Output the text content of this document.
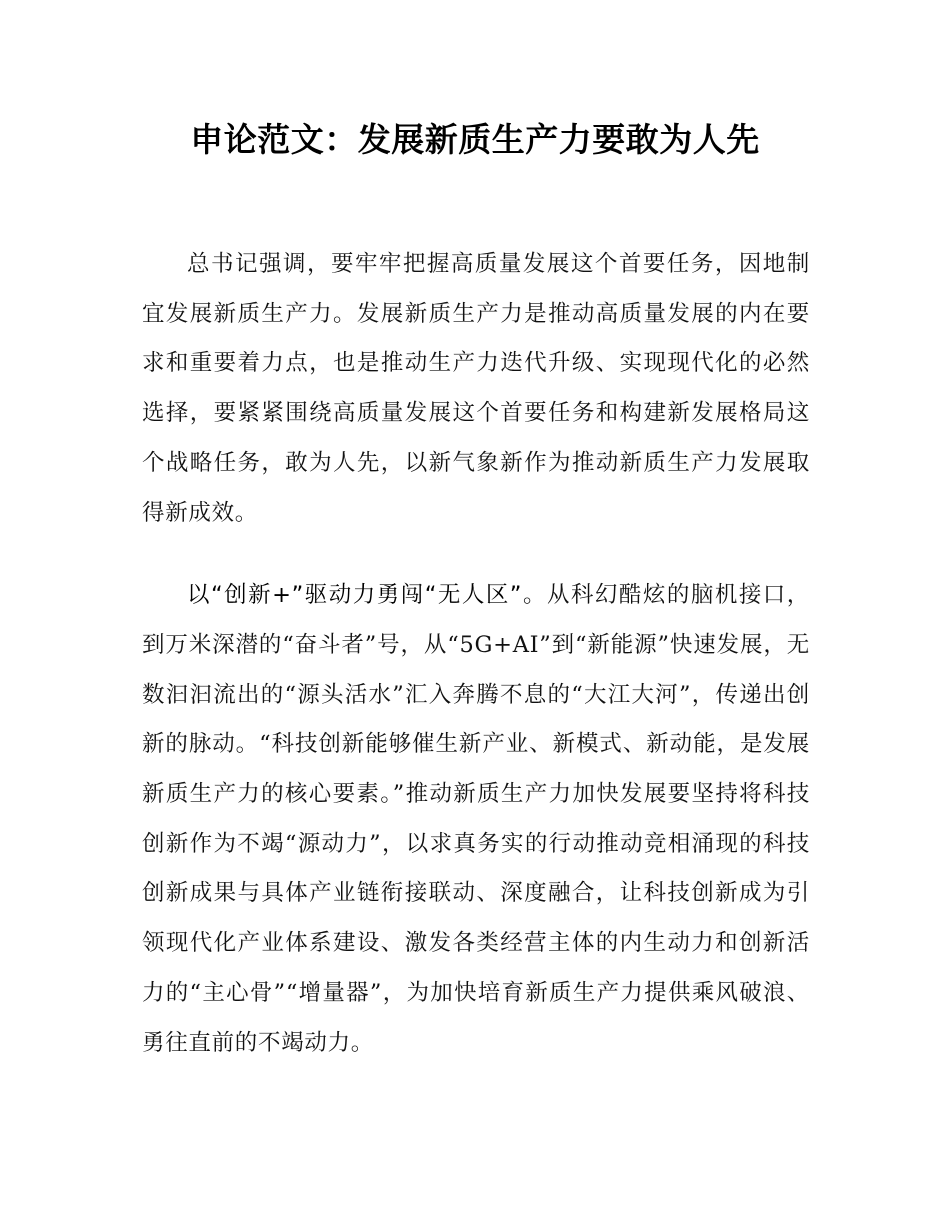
申论范文：发展新质生产力要敢为人先

总书记强调，要牢牢把握高质量发展这个首要任务，因地制宜发展新质生产力。发展新质生产力是推动高质量发展的内在要求和重要着力点，也是推动生产力迭代升级、实现现代化的必然选择，要紧紧围绕高质量发展这个首要任务和构建新发展格局这个战略任务，敢为人先，以新气象新作为推动新质生产力发展取得新成效。

以“创新+”驱动力勇闯“无人区”。从科幻酷炫的脑机接口，到万米深潜的“奋斗者”号，从“5G+AI”到“新能源”快速发展，无数汩汩流出的“源头活水”汇入奔腾不息的“大江大河”，传递出创新的脉动。“科技创新能够催生新产业、新模式、新动能，是发展新质生产力的核心要素。”推动新质生产力加快发展要坚持将科技创新作为不竭“源动力”，以求真务实的行动推动竞相涌现的科技创新成果与具体产业链衔接联动、深度融合，让科技创新成为引领现代化产业体系建设、激发各类经营主体的内生动力和创新活力的“主心骨”“增量器”，为加快培育新质生产力提供乘风破浪、勇往直前的不竭动力。
